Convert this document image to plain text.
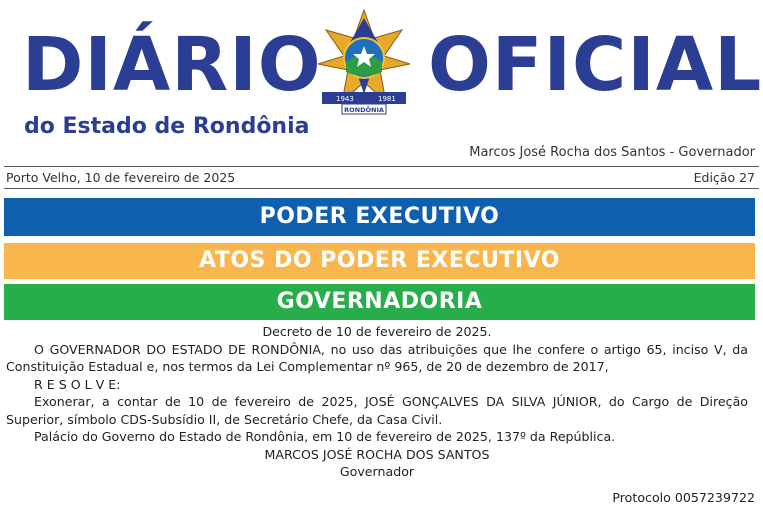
DIÁRIO 1943	1981
RONDÔNIA
OFICIAL
do Estado de Rondônia
Marcos José Rocha dos Santos - Governador
Porto Velho, 10 de fevereiro de 2025	Edição 27
PODER EXECUTIVO
ATOS DO PODER EXECUTIVO
GOVERNADORIA

Decreto de 10 de fevereiro de 2025.

O GOVERNADOR DO ESTADO DE RONDÔNIA, no uso das atribuições que lhe confere o artigo 65, inciso V, da Constituição Estadual e, nos termos da Lei Complementar nº 965, de 20 de dezembro de 2017,

R E S O L V E:

Exonerar, a contar de 10 de fevereiro de 2025, JOSÉ GONÇALVES DA SILVA JÚNIOR, do Cargo de Direção Superior, símbolo CDS-Subsídio II, de Secretário Chefe, da Casa Civil.

Palácio do Governo do Estado de Rondônia, em 10 de fevereiro de 2025, 137º da República.

MARCOS JOSÉ ROCHA DOS SANTOS

Governador

Protocolo 0057239722
